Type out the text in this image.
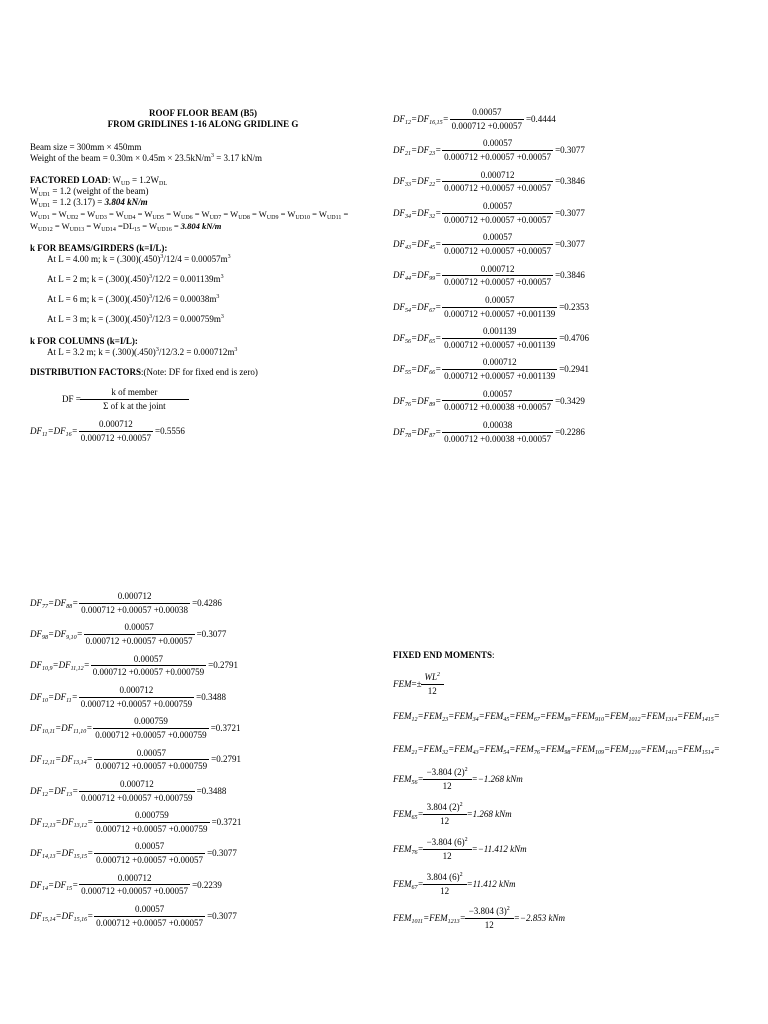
ROOF FLOOR BEAM (B5)
FROM GRIDLINES 1-16 ALONG GRIDLINE G
Beam size = 300mm × 450mm
Weight of the beam = $0.30m \times 0.45m \times 23.5kN/m^3 = 3.17$ kN/m
FACTORED LOAD: $W_{UD} = 1.2W_{DL}$
$W_{UD1} = 1.2$ (weight of the beam)
$W_{UD1} = 1.2$ (3.17) = 3.804 kN/m
$W_{UD1} = W_{UD2} = W_{UD3} = W_{UD4} = W_{UD5} = W_{UD6} = W_{UD7} = W_{UD8} = W_{UD9} = W_{UD10} = W_{UD11}$ =
$W_{UD12} = W_{UD13} = W_{UD14} =DL_{15} = W_{UD16} = 3.804$ kN/m
k FOR BEAMS/GIRDERS (k=I/L):
At L = 4.00 m; $k = (.300)(.450)^3/12/4 = 0.00057m^3$
At L = 2 m; $k = (.300)(.450)^3/12/2 = 0.001139m^3$
At L = 6 m; $k = (.300)(.450)^3/12/6 = 0.00038m^3$
At L = 3 m; $k = (.300)(.450)^3/12/3 = 0.000759m^3$
k FOR COLUMNS (k=I/L):
At L = 3.2 m; $k = (.300)(.450)^3/12/3.2 = 0.000712m^3$
DISTRIBUTION FACTORS:(Note: DF for fixed end is zero)
DF = $\frac{\text{k of member}}{\text{Σ of k at the joint}}$
$DF_{11}=DF_{16}= \frac{0.000712}{0.000712 +0.00057} =0.5556$
$DF_{12}=DF_{16,15}= \frac{0.00057}{0.000712 +0.00057} =0.4444$
$DF_{21}=DF_{23}= \frac{0.00057}{0.000712 +0.00057 +0.00057} =0.3077$
$DF_{33}=DF_{22}= \frac{0.000712}{0.000712 +0.00057 +0.00057} =0.3846$
$DF_{34}=DF_{32}= \frac{0.00057}{0.000712 +0.00057 +0.00057} =0.3077$
$DF_{43}=DF_{45}= \frac{0.00057}{0.000712 +0.00057 +0.00057} =0.3077$
$DF_{44}=DF_{99}= \frac{0.000712}{0.000712 +0.00057 +0.00057} =0.3846$
$DF_{54}=DF_{67}= \frac{0.00057}{0.000712 +0.00057 +0.001139} =0.2353$
$DF_{56}=DF_{65}= \frac{0.001139}{0.000712 +0.00057 +0.001139} =0.4706$
$DF_{55}=DF_{66}= \frac{0.000712}{0.000712 +0.00057 +0.001139} =0.2941$
$DF_{76}=DF_{89}= \frac{0.00057}{0.000712 +0.00038 +0.00057} =0.3429$
$DF_{78}=DF_{87}= \frac{0.00038}{0.000712 +0.00038 +0.00057} =0.2286$
$DF_{77}=DF_{88}= \frac{0.000712}{0.000712 +0.00057 +0.00038} =0.4286$
$DF_{98}=DF_{9,10}= \frac{0.00057}{0.000712 +0.00057 +0.00057} =0.3077$
$DF_{10,9}=DF_{11,12}= \frac{0.00057}{0.000712 +0.00057 +0.000759} =0.2791$
$DF_{10}=DF_{11}= \frac{0.000712}{0.000712 +0.00057 +0.000759} =0.3488$
$DF_{10,11}=DF_{11,10}= \frac{0.000759}{0.000712 +0.00057 +0.000759} =0.3721$
$DF_{12,11}=DF_{13,14}= \frac{0.00057}{0.000712 +0.00057 +0.000759} =0.2791$
$DF_{12}=DF_{13}= \frac{0.000712}{0.000712 +0.00057 +0.000759} =0.3488$
$DF_{12,13}=DF_{13,12}= \frac{0.000759}{0.000712 +0.00057 +0.000759} =0.3721$
$DF_{14,13}=DF_{15,15}= \frac{0.00057}{0.000712 +0.00057 +0.00057} =0.3077$
$DF_{14}=DF_{15}= \frac{0.000712}{0.000712 +0.00057 +0.00057} =0.2239$
$DF_{15,14}=DF_{15,16}= \frac{0.00057}{0.000712 +0.00057 +0.00057} =0.3077$
FIXED END MOMENTS:
FEM =± $\frac{WL^2}{12}$
$FEM_{12}=FEM_{23}=FEM_{34}=FEM_{45}=FEM_{67}=FEM_{89}=FEM_{910}=FEM_{1012}=FEM_{1314}=FEM_{1415}=$
$FEM_{21}=FEM_{32}=FEM_{43}=FEM_{54}=FEM_{76}=FEM_{98}=FEM_{109}=FEM_{1210}=FEM_{1413}=FEM_{1514}=$
$FEM_{56}= \frac{-3.804 (2)^2}{12} =-1.268$ kNm
$FEM_{65}= \frac{3.804 (2)^2}{12} =1.268$ kNm
$FEM_{76}= \frac{-3.804 (6)^2}{12} =-11.412$ kNm
$FEM_{67}= \frac{3.804 (6)^2}{12} =11.412$ kNm
$FEM_{1011}=FEM_{1213}= \frac{-3.804 (3)^2}{12} =-2.853$ kNm
